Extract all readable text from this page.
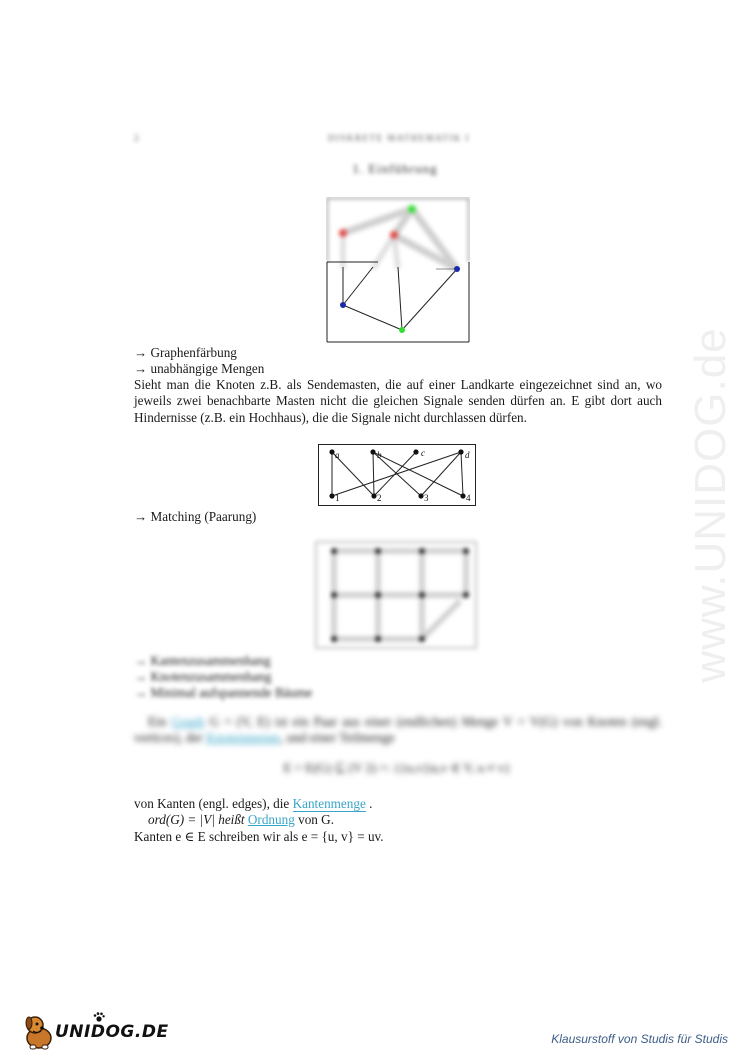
2	DISKRETE MATHEMATIK I
1. Einführung
→ Graphenfärbung
→ unabhängige Mengen
Sieht man die Knoten z.B. als Sendemasten, die auf einer Landkarte eingezeichnet sind an, wo jeweils zwei benachbarte Masten nicht die gleichen Signale senden dürfen an. E gibt dort auch Hindernisse (z.B. ein Hochhaus), die die Signale nicht durchlassen dürfen.
a	b	c	d
1	2	3	4
→ Matching (Paarung)
→ Kantenzusammenhang
→ Knotenzusammenhang
→ Minimal aufspannende Bäume
Ein Graph G = (V, E) ist ein Paar aus einer (endlichen) Menge V = V(G) von Knoten (engl. vertices), der Knotenmenge, und einer Teilmenge
E = E(G) ⊆ (V 2) =: {{u,v}|u,v ∈ V, u ≠ v}
von Kanten (engl. edges), die Kantenmenge .
ord(G) = |V| heißt Ordnung von G.
Kanten e ∈ E schreiben wir als e = {u, v} = uv.
www.UNIDOG.de
UNIDOG.DE	Klausurstoff von Studis für Studis
